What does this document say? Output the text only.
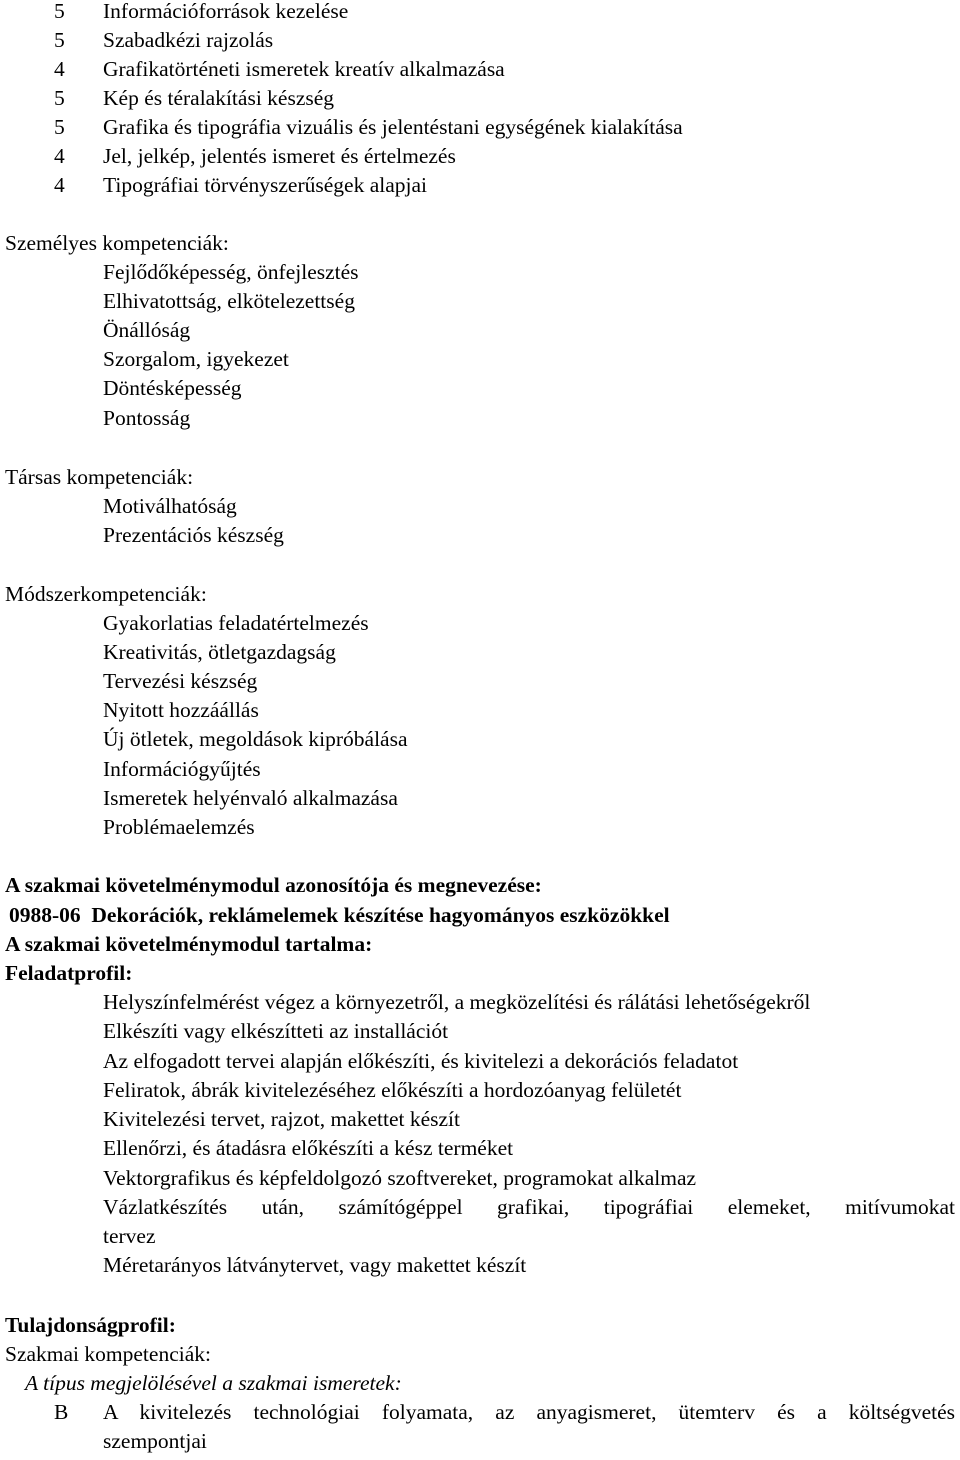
5 Információforrások kezelése
5 Szabadkézi rajzolás
4 Grafikatörténeti ismeretek kreatív alkalmazása
5 Kép és téralakítási készség
5 Grafika és tipográfia vizuális és jelentéstani egységének kialakítása
4 Jel, jelkép, jelentés ismeret és értelmezés
4 Tipográfiai törvényszerűségek alapjai
Személyes kompetenciák:
Fejlődőképesség, önfejlesztés
Elhivatottság, elkötelezettség
Önállóság
Szorgalom, igyekezet
Döntésképesség
Pontosság
Társas kompetenciák:
Motiválhatóság
Prezentációs készség
Módszerkompetenciák:
Gyakorlatias feladatértelmezés
Kreativitás, ötletgazdagság
Tervezési készség
Nyitott hozzáállás
Új ötletek, megoldások kipróbálása
Információgyűjtés
Ismeretek helyénvaló alkalmazása
Problémaelemzés
A szakmai követelménymodul azonosítója és megnevezése:
0988-06  Dekorációk, reklámelemek készítése hagyományos eszközökkel
A szakmai követelménymodul tartalma:
Feladatprofil:
Helyszínfelmérést végez a környezetről, a megközelítési és rálátási lehetőségekről
Elkészíti vagy elkészítteti az installációt
Az elfogadott tervei alapján előkészíti, és kivitelezi a dekorációs feladatot
Feliratok, ábrák kivitelezéséhez előkészíti a hordozóanyag felületét
Kivitelezési tervet, rajzot, makettet készít
Ellenőrzi, és átadásra előkészíti a kész terméket
Vektorgrafikus és képfeldolgozó szoftvereket, programokat alkalmaz
Vázlatkészítés után, számítógéppel grafikai, tipográfiai elemeket, mitívumokat
tervez
Méretarányos látványtervet, vagy makettet készít
Tulajdonságprofil:
Szakmai kompetenciák:
A típus megjelölésével a szakmai ismeretek:
B A kivitelezés technológiai folyamata, az anyagismeret, ütemterv és a költségvetés
szempontjai
